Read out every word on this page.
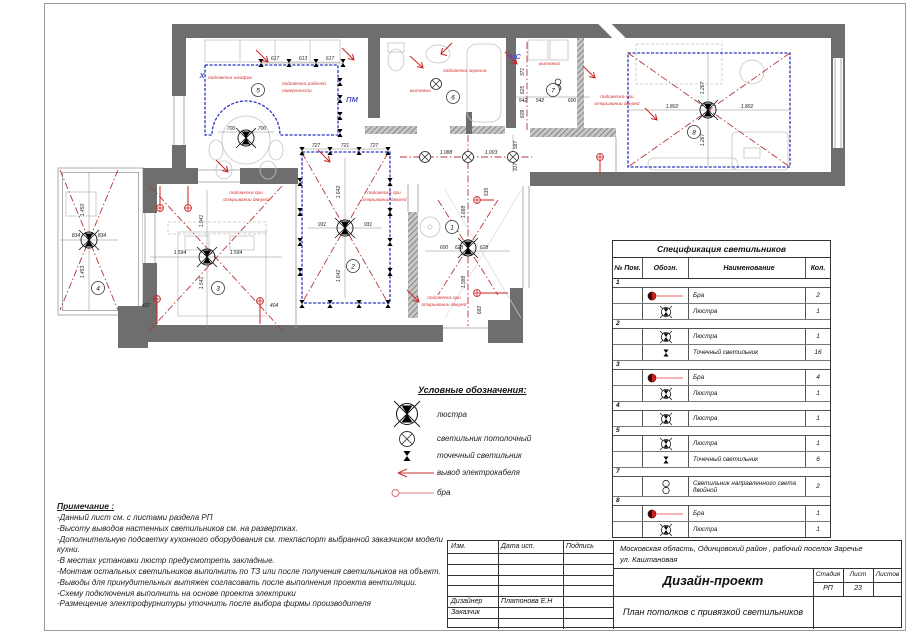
1
2
3
4
5
6
7
8
X
ПМ
МС
подсветка шкафов
подсветка рабочей
поверхности
подсветка зеркала
вытяжка
вытяжка
подсветка при
открывании дверей
подсветка при
открывании дверей
подсветка при
открывании дверей
подсветка при
открывании дверей
617	613	617
700	700
727	721	727
931	931
1.642
1.642
1.088	1.003
587
317
535
600 628	628
1.688
1.588
682
834	834
1.450
1.453
1.594	1.594
1.941
1.541
437	404
542 542	600
371
625
609
1.802	1.802
1.267
1.267
Условные обозначения:
люстра
светильник потолочный
точечный светильник
вывод электрокабеля
бра
Примечание :
-Данный лист см. с листами раздела РП
-Высоту выводов настенных светильников см. на развертках.
-Дополнительную подсветку кухонного оборудования см. техпаспорт выбранной заказчиком модели
кухни.
-В местах установки люстр предусмотреть закладные.
-Монтаж остальных светильников выполнить по ТЗ или после получения светильников на объект.
-Выводы для принудительных вытяжек согласовать после выполнения проекта вентиляции.
-Схему подключения выполнить на основе проекта электрики
-Размещение электрофурнитуры уточнить после выбора фирмы производителя
Спецификация светильников
№ Пом.	Обозн.	Наименование	Кол.
1
Бра	2
Люстра	1
2
Люстра	1
Точечный светильник	16
3
Бра	4
Люстра	1
4
Люстра	1
5
Люстра	1
Точечный светильник	6
7
Светильник направленного света двойной	2
8
Бра	1
Люстра	1
Изм.	Дата исп.	Подпись	Московская область, Одинцовский район , рабочий поселок Заречье
ул. Каштановая
Дизайн-проект	Стадия	Лист	Листов
РП	23
Дизайнер	Платонова Е.Н
Заказчик	План потолков с привязкой светильников
